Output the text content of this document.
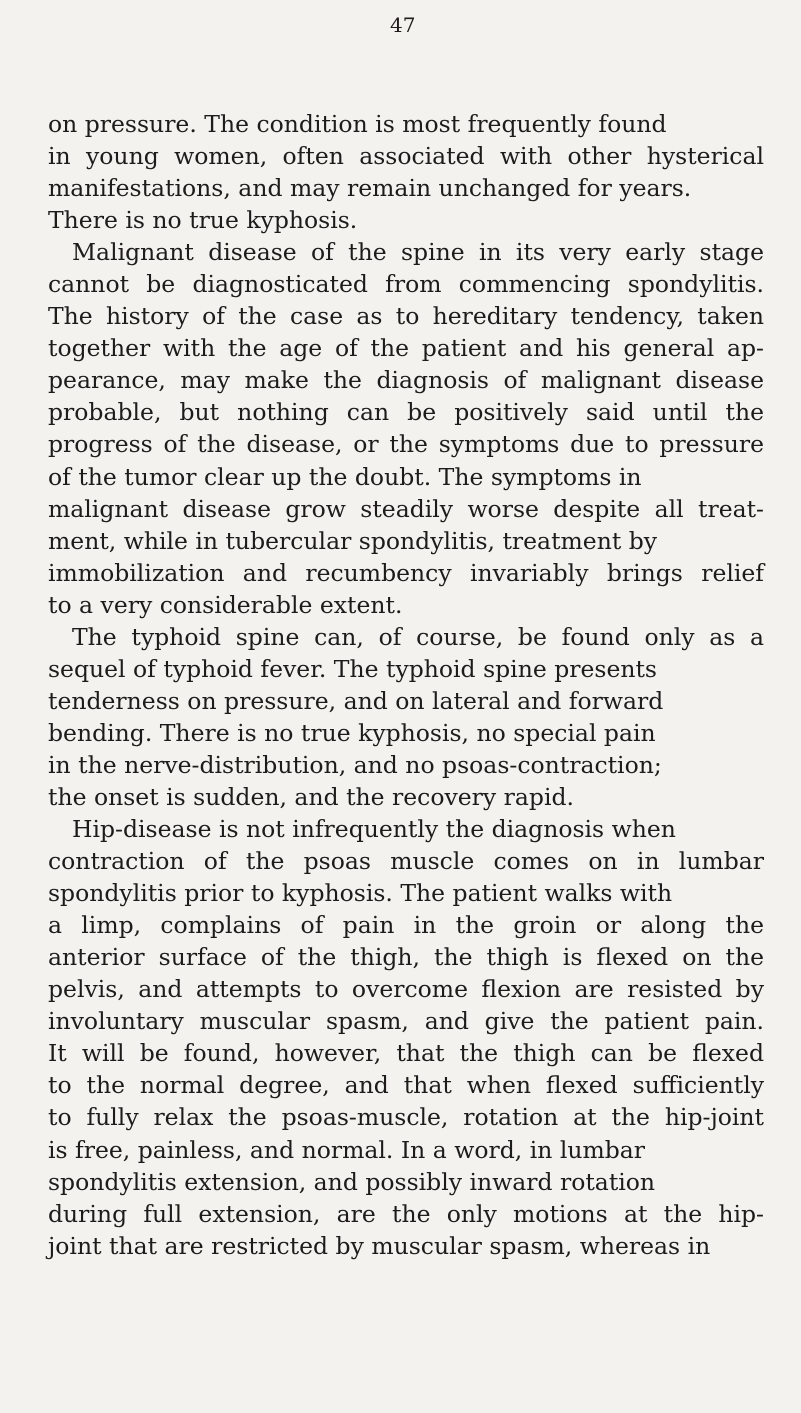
47
on pressure. The condition is most frequently found
in young women, often associated with other hysterical
manifestations, and may remain unchanged for years.
There is no true kyphosis.
Malignant disease of the spine in its very early stage
cannot be diagnosticated from commencing spondylitis.
The history of the case as to hereditary tendency, taken
together with the age of the patient and his general ap-
pearance, may make the diagnosis of malignant disease
probable, but nothing can be positively said until the
progress of the disease, or the symptoms due to pressure
of the tumor clear up the doubt. The symptoms in
malignant disease grow steadily worse despite all treat-
ment, while in tubercular spondylitis, treatment by
immobilization and recumbency invariably brings relief
to a very considerable extent.
The typhoid spine can, of course, be found only as a
sequel of typhoid fever. The typhoid spine presents
tenderness on pressure, and on lateral and forward
bending. There is no true kyphosis, no special pain
in the nerve-distribution, and no psoas-contraction;
the onset is sudden, and the recovery rapid.
Hip-disease is not infrequently the diagnosis when
contraction of the psoas muscle comes on in lumbar
spondylitis prior to kyphosis. The patient walks with
a limp, complains of pain in the groin or along the
anterior surface of the thigh, the thigh is flexed on the
pelvis, and attempts to overcome flexion are resisted by
involuntary muscular spasm, and give the patient pain.
It will be found, however, that the thigh can be flexed
to the normal degree, and that when flexed sufficiently
to fully relax the psoas-muscle, rotation at the hip-joint
is free, painless, and normal. In a word, in lumbar
spondylitis extension, and possibly inward rotation
during full extension, are the only motions at the hip-
joint that are restricted by muscular spasm, whereas in
